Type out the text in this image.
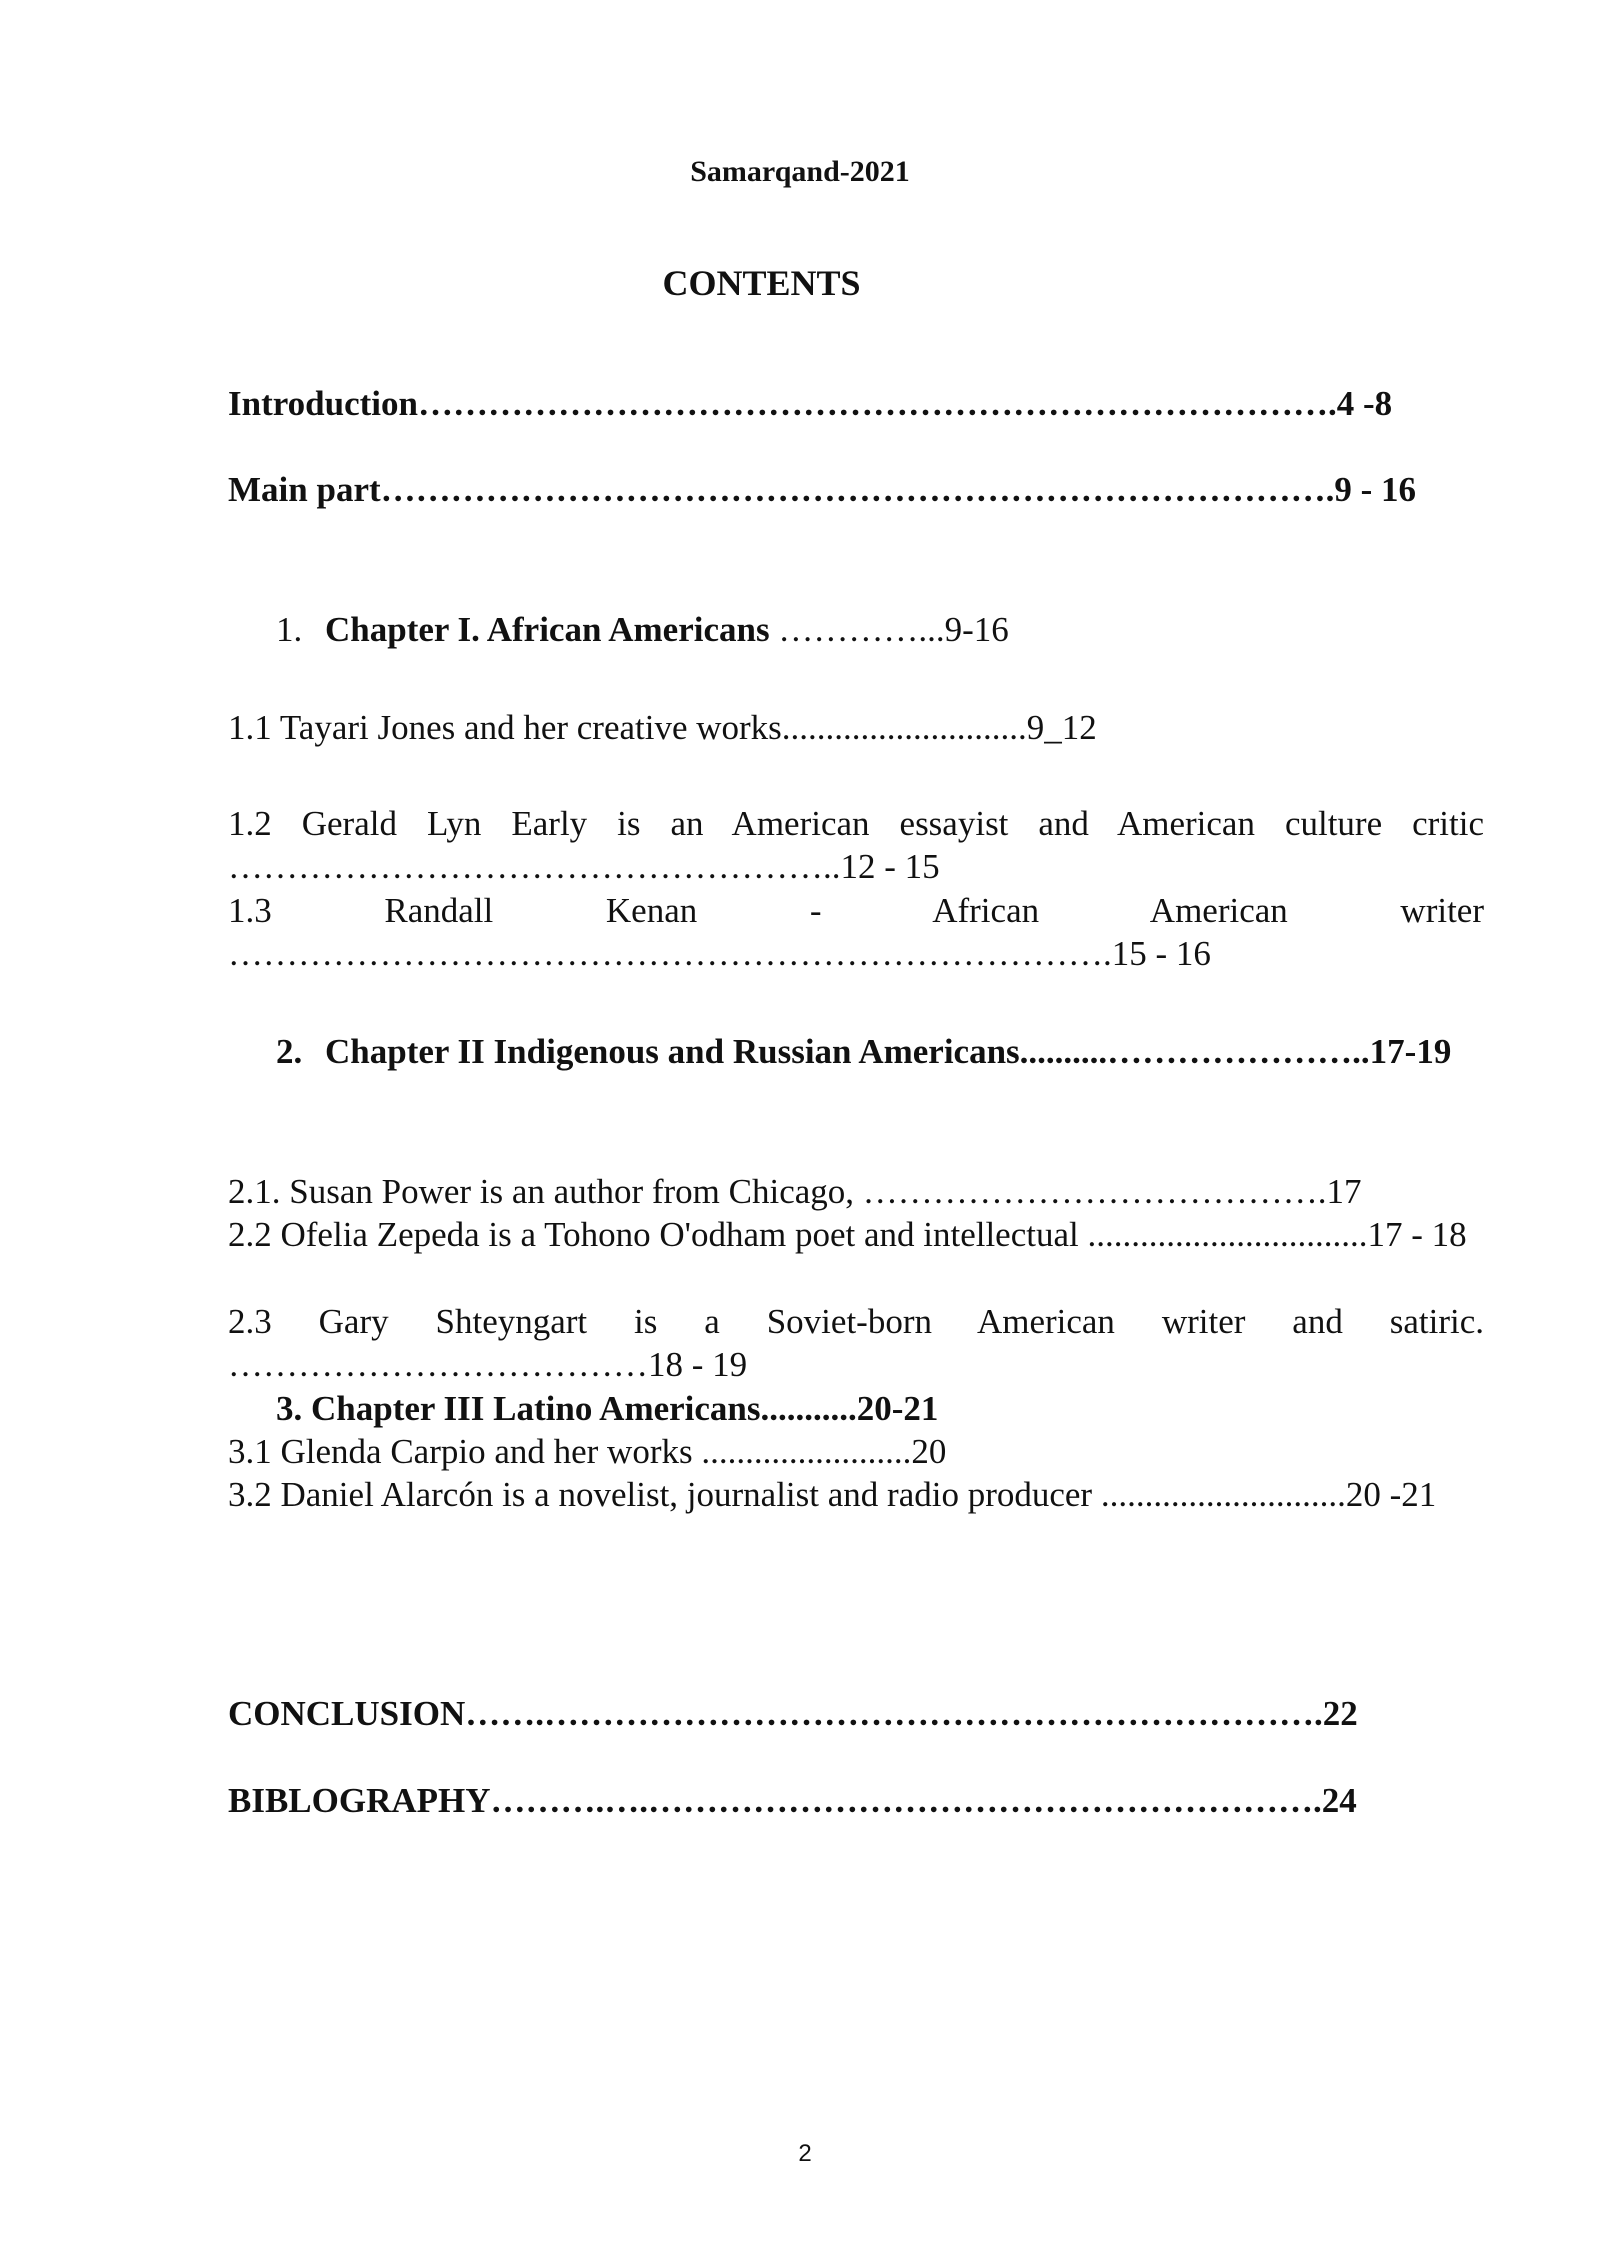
Samarqand-2021
CONTENTS
Introduction…………………………………………………………………….4 -8
Main part……………………………………………………………………….9 - 16
1. Chapter I. African Americans …………...9-16
1.1 Tayari Jones and her creative works............................9_12
1.2 Gerald Lyn Early is an American essayist and American culture critic ……………………………………………..12 - 15
1.3 Randall Kenan - African American writer ………………………………………………………………….15 - 16
2. Chapter II Indigenous and Russian Americans..........…………………..17-19
2.1. Susan Power is an author from Chicago, ………………………………….17
2.2 Ofelia Zepeda is a Tohono O'odham poet and intellectual ................................17 - 18
2.3 Gary Shteyngart is a Soviet-born American writer and satiric. ………………………………18 - 19
3. Chapter III Latino Americans...........20-21
3.1 Glenda Carpio and her works ........................20
3.2 Daniel Alarcón is a novelist, journalist and radio producer ............................20 -21
CONCLUSION…….………………………………………………………….22
BIBLOGRAPHY……….….………………………………………………….24
2
